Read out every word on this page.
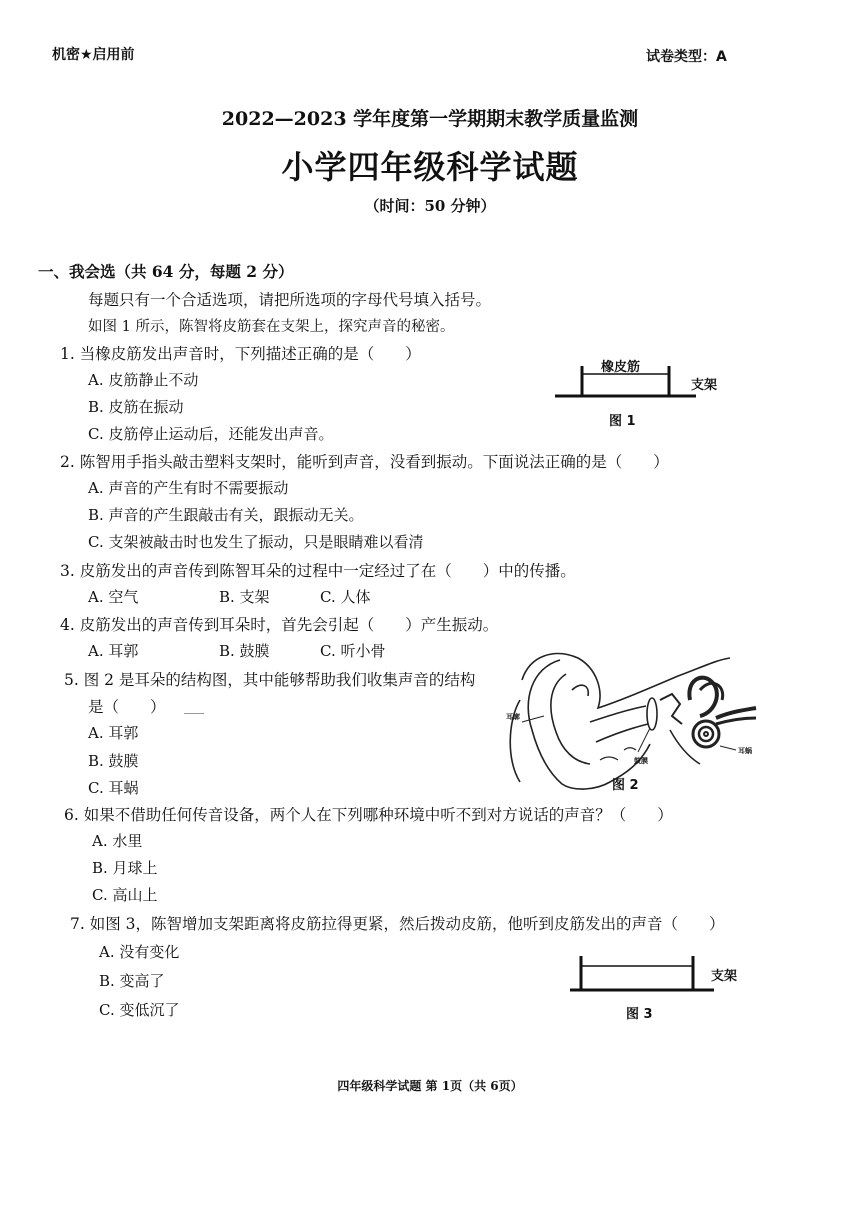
机密★启用前	试卷类型：A
2022—2023 学年度第一学期期末教学质量监测
小学四年级科学试题
（时间：50 分钟）
一、我会选（共 64 分，每题 2 分）
每题只有一个合适选项，请把所选项的字母代号填入括号。
如图 1 所示，陈智将皮筋套在支架上，探究声音的秘密。
1. 当橡皮筋发出声音时，下列描述正确的是（　　）
A. 皮筋静止不动
B. 皮筋在振动
C. 皮筋停止运动后，还能发出声音。
橡皮筋
支架
图 1
2. 陈智用手指头敲击塑料支架时，能听到声音，没看到振动。下面说法正确的是（　　）
A. 声音的产生有时不需要振动
B. 声音的产生跟敲击有关，跟振动无关。
C. 支架被敲击时也发生了振动，只是眼睛难以看清
3. 皮筋发出的声音传到陈智耳朵的过程中一定经过了在（　　）中的传播。
A. 空气	B. 支架	C. 人体
4. 皮筋发出的声音传到耳朵时，首先会引起（　　）产生振动。
A. 耳郭	B. 鼓膜	C. 听小骨
5. 图 2 是耳朵的结构图，其中能够帮助我们收集声音的结构
是（　　）
A. 耳郭
B. 鼓膜
C. 耳蜗
耳廓
鼓膜
耳蜗
图 2
6. 如果不借助任何传音设备，两个人在下列哪种环境中听不到对方说话的声音？（　　）
A. 水里
B. 月球上
C. 高山上
7. 如图 3，陈智增加支架距离将皮筋拉得更紧，然后拨动皮筋，他听到皮筋发出的声音（　　）
A. 没有变化
B. 变高了
C. 变低沉了
支架
图 3
四年级科学试题 第 1页（共 6页）
